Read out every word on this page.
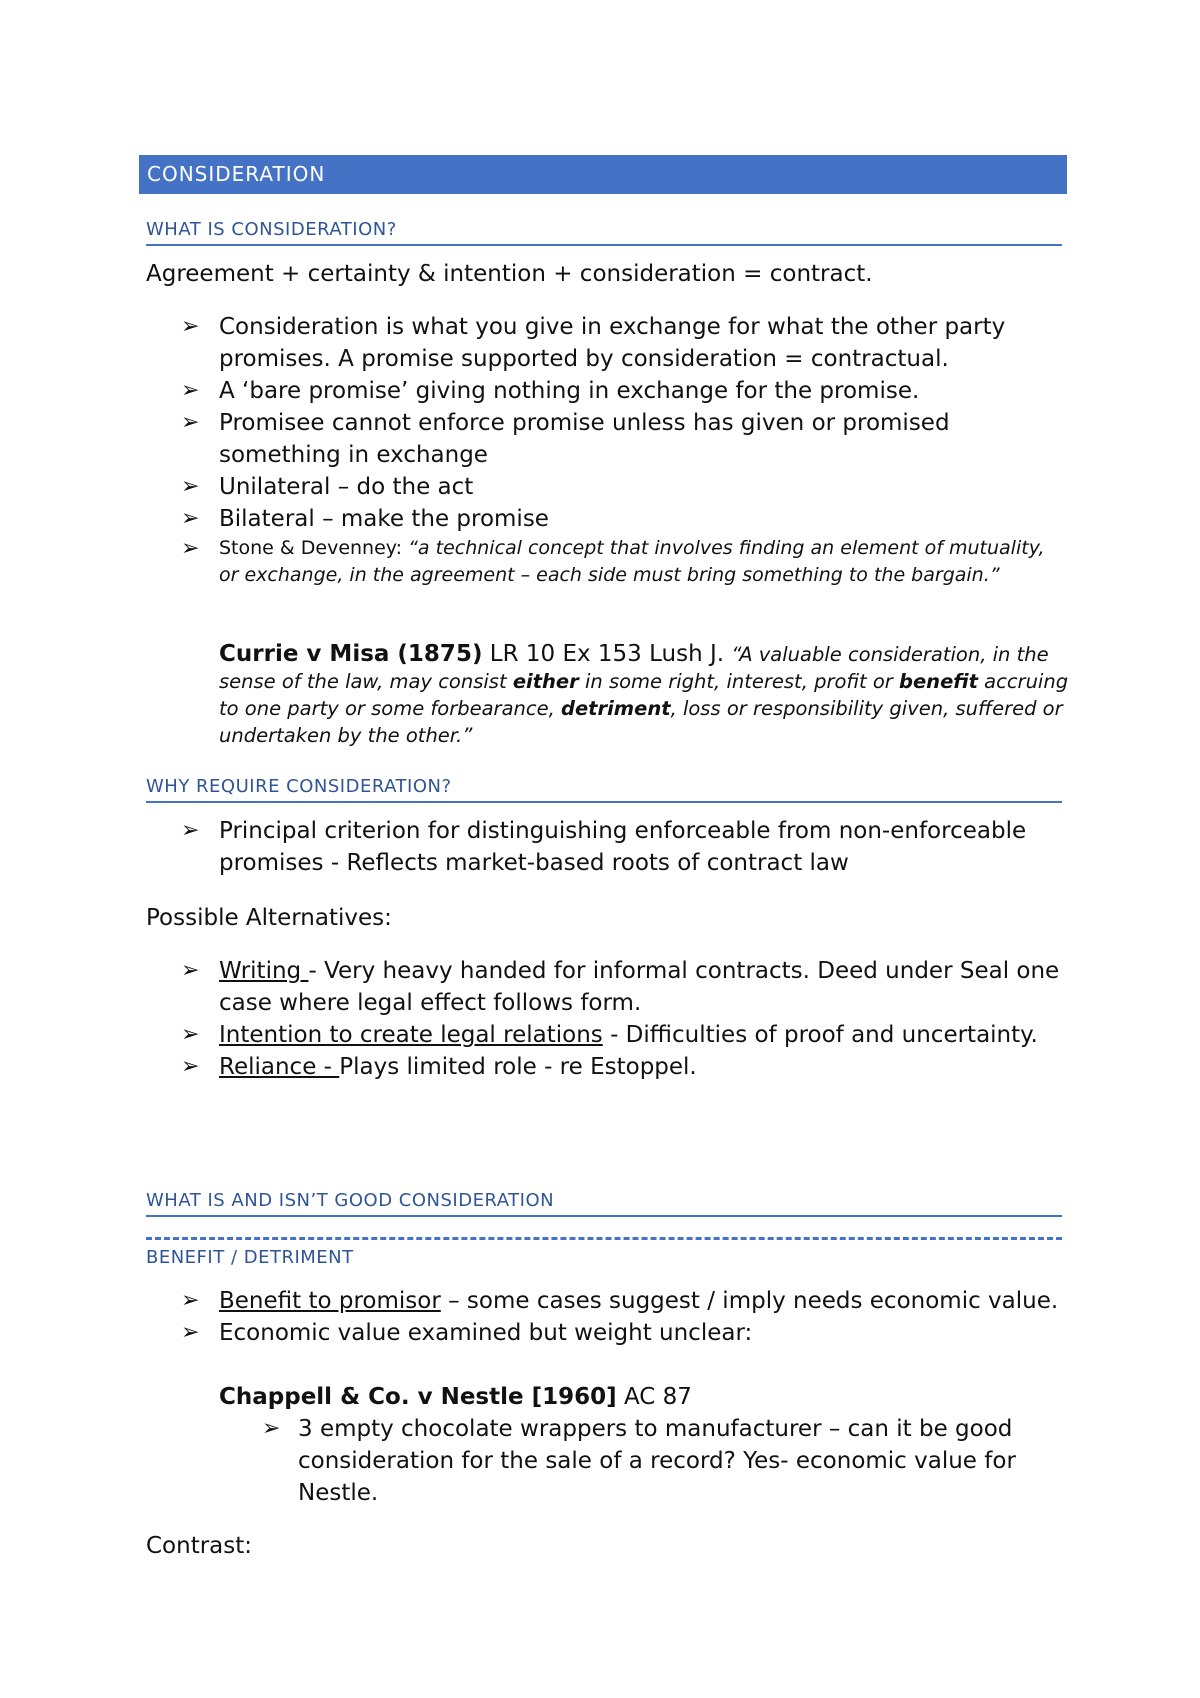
CONSIDERATION
WHAT IS CONSIDERATION?
Agreement + certainty & intention + consideration = contract.
➢ Consideration is what you give in exchange for what the other party promises. A promise supported by consideration = contractual.
➢ A ‘bare promise’ giving nothing in exchange for the promise.
➢ Promisee cannot enforce promise unless has given or promised something in exchange
➢ Unilateral – do the act
➢ Bilateral – make the promise
➢	Stone & Devenney: “a technical concept that involves finding an element of mutuality, or exchange, in the agreement – each side must bring something to the bargain.”
Currie v Misa (1875) LR 10 Ex 153 Lush J. “A valuable consideration, in the sense of the law, may consist either in some right, interest, profit or benefit accruing to one party or some forbearance, detriment, loss or responsibility given, suffered or undertaken by the other.”
WHY REQUIRE CONSIDERATION?
➢ Principal criterion for distinguishing enforceable from non-enforceable promises - Reflects market-based roots of contract law
Possible Alternatives:
➢ Writing - Very heavy handed for informal contracts. Deed under Seal one case where legal effect follows form.
➢ Intention to create legal relations - Difficulties of proof and uncertainty.
➢ Reliance - Plays limited role - re Estoppel.
WHAT IS AND ISN’T GOOD CONSIDERATION
BENEFIT / DETRIMENT
➢ Benefit to promisor – some cases suggest / imply needs economic value.
➢ Economic value examined but weight unclear:
Chappell & Co. v Nestle [1960] AC 87
➢ 3 empty chocolate wrappers to manufacturer – can it be good consideration for the sale of a record? Yes- economic value for Nestle.
Contrast:
